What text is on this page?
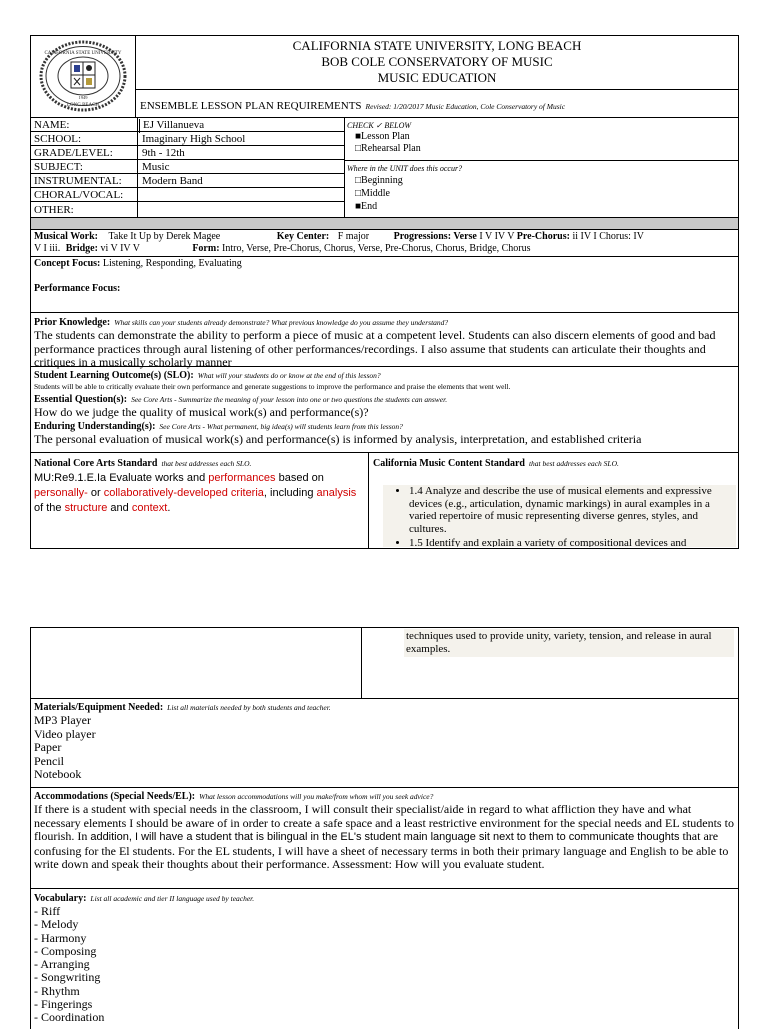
CALIFORNIA STATE UNIVERSITY
1949
LONG BEACH
CALIFORNIA STATE UNIVERSITY, LONG BEACH
BOB COLE CONSERVATORY OF MUSIC
MUSIC EDUCATION
ENSEMBLE LESSON PLAN REQUIREMENTS Revised: 1/20/2017 Music Education, Cole Conservatory of Music
NAME:	EJ Villanueva
SCHOOL:	Imaginary High School
GRADE/LEVEL:	9th - 12th
SUBJECT:	Music
INSTRUMENTAL: Modern Band
CHORAL/VOCAL:
OTHER:
CHECK ✓ BELOW
■Lesson Plan
□Rehearsal Plan
Where in the UNIT does this occur?
□Beginning
□Middle
■End
Musical Work: Take It Up by Derek Magee	Key Center: F major Progressions: Verse I V IV V Pre-Chorus: ii IV I Chorus: IV
V I iii. Bridge: vi V IV V	Form: Intro, Verse, Pre-Chorus, Chorus, Verse, Pre-Chorus, Chorus, Bridge, Chorus
Concept Focus: Listening, Responding, Evaluating
Performance Focus:
Prior Knowledge: What skills can your students already demonstrate? What previous knowledge do you assume they understand?
The students can demonstrate the ability to perform a piece of music at a competent level. Students can also discern elements of good and bad performance practices through aural listening of other performances/recordings. I also assume that students can articulate their thoughts and critiques in a musically scholarly manner
Student Learning Outcome(s) (SLO): What will your students do or know at the end of this lesson?
Students will be able to critically evaluate their own performance and generate suggestions to improve the performance and praise the elements that went well.
Essential Question(s): See Core Arts - Summarize the meaning of your lesson into one or two questions the students can answer.
How do we judge the quality of musical work(s) and performance(s)?
Enduring Understanding(s): See Core Arts - What permanent, big idea(s) will students learn from this lesson?
The personal evaluation of musical work(s) and performance(s) is informed by analysis, interpretation, and established criteria
National Core Arts Standard that best addresses each SLO.
MU:Re9.1.E.Ia Evaluate works and performances based on personally- or collaboratively-developed criteria, including analysis of the structure and context.
California Music Content Standard that best addresses each SLO.
• 1.4 Analyze and describe the use of musical elements and expressive devices (e.g., articulation, dynamic markings) in aural examples in a varied repertoire of music representing diverse genres, styles, and cultures.
• 1.5 Identify and explain a variety of compositional devices and
techniques used to provide unity, variety, tension, and release in aural examples.
Materials/Equipment Needed: List all materials needed by both students and teacher.
MP3 Player
Video player
Paper
Pencil
Notebook
Accommodations (Special Needs/EL): What lesson accommodations will you make/from whom will you seek advice?
If there is a student with special needs in the classroom, I will consult their specialist/aide in regard to what affliction they have and what necessary elements I should be aware of in order to create a safe space and a least restrictive environment for the special needs and EL students to flourish. In addition, I will have a student that is bilingual in the EL's student main language sit next to them to communicate thoughts that are confusing for the El students. For the EL students, I will have a sheet of necessary terms in both their primary language and English to be able to write down and speak their thoughts about their performance. Assessment: How will you evaluate student.
Vocabulary: List all academic and tier II language used by teacher.
- Riff
- Melody
- Harmony
- Composing
- Arranging
- Songwriting
- Rhythm
- Fingerings
- Coordination
